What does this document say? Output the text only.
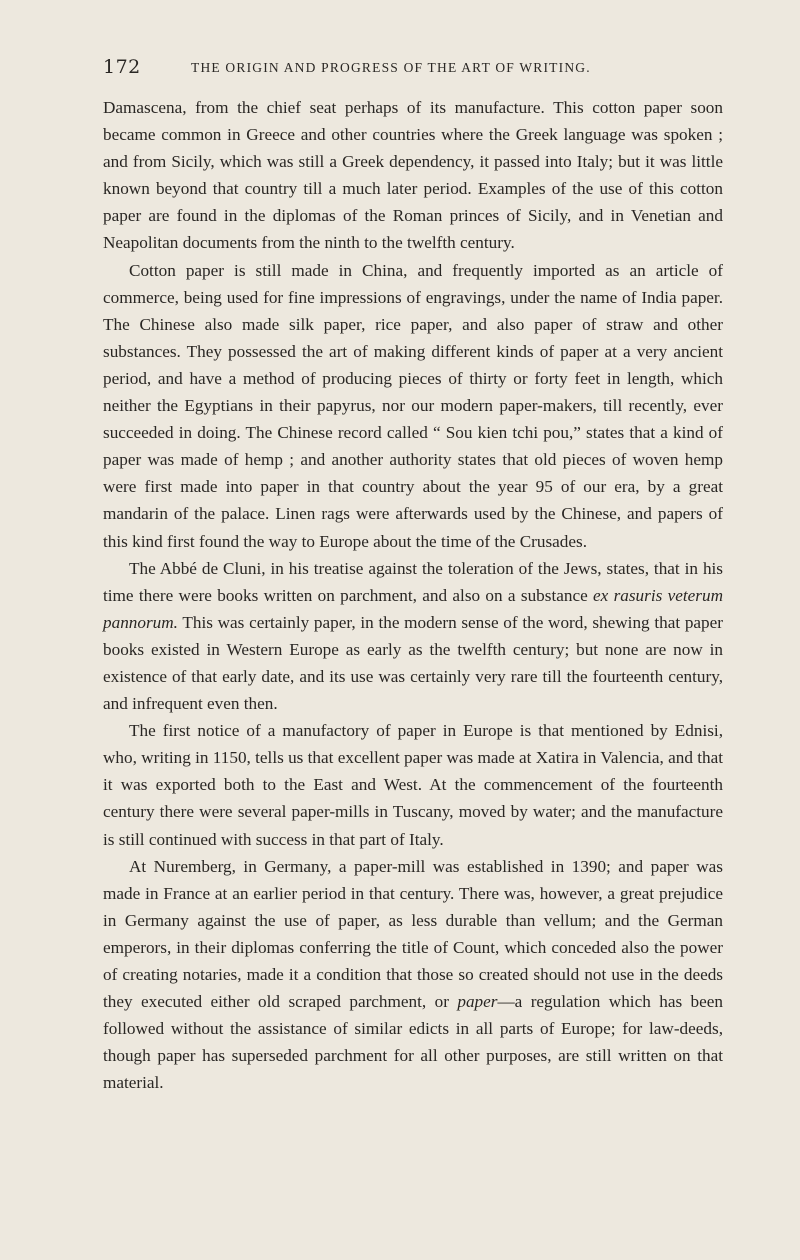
172	THE ORIGIN AND PROGRESS OF THE ART OF WRITING.

Damascena, from the chief seat perhaps of its manufacture. This cotton paper soon became common in Greece and other countries where the Greek language was spoken ; and from Sicily, which was still a Greek dependency, it passed into Italy; but it was little known beyond that country till a much later period. Examples of the use of this cotton paper are found in the diplomas of the Roman princes of Sicily, and in Venetian and Neapolitan documents from the ninth to the twelfth century.

Cotton paper is still made in China, and frequently imported as an article of commerce, being used for fine impressions of engravings, under the name of India paper. The Chinese also made silk paper, rice paper, and also paper of straw and other substances. They possessed the art of making different kinds of paper at a very ancient period, and have a method of producing pieces of thirty or forty feet in length, which neither the Egyptians in their papyrus, nor our modern paper-makers, till recently, ever succeeded in doing. The Chinese record called “ Sou kien tchi pou,” states that a kind of paper was made of hemp ; and another authority states that old pieces of woven hemp were first made into paper in that country about the year 95 of our era, by a great mandarin of the palace. Linen rags were afterwards used by the Chinese, and papers of this kind first found the way to Europe about the time of the Crusades.

The Abbé de Cluni, in his treatise against the toleration of the Jews, states, that in his time there were books written on parchment, and also on a substance ex rasuris veterum pannorum. This was certainly paper, in the modern sense of the word, shewing that paper books existed in Western Europe as early as the twelfth century; but none are now in existence of that early date, and its use was certainly very rare till the fourteenth century, and infrequent even then.

The first notice of a manufactory of paper in Europe is that mentioned by Ednisi, who, writing in 1150, tells us that excellent paper was made at Xatira in Valencia, and that it was exported both to the East and West. At the commencement of the fourteenth century there were several paper-mills in Tuscany, moved by water; and the manufacture is still continued with success in that part of Italy.

At Nuremberg, in Germany, a paper-mill was established in 1390; and paper was made in France at an earlier period in that century. There was, however, a great prejudice in Germany against the use of paper, as less durable than vellum; and the German emperors, in their diplomas conferring the title of Count, which conceded also the power of creating notaries, made it a condition that those so created should not use in the deeds they executed either old scraped parchment, or paper—a regulation which has been followed without the assistance of similar edicts in all parts of Europe; for law-deeds, though paper has superseded parchment for all other purposes, are still written on that material.
